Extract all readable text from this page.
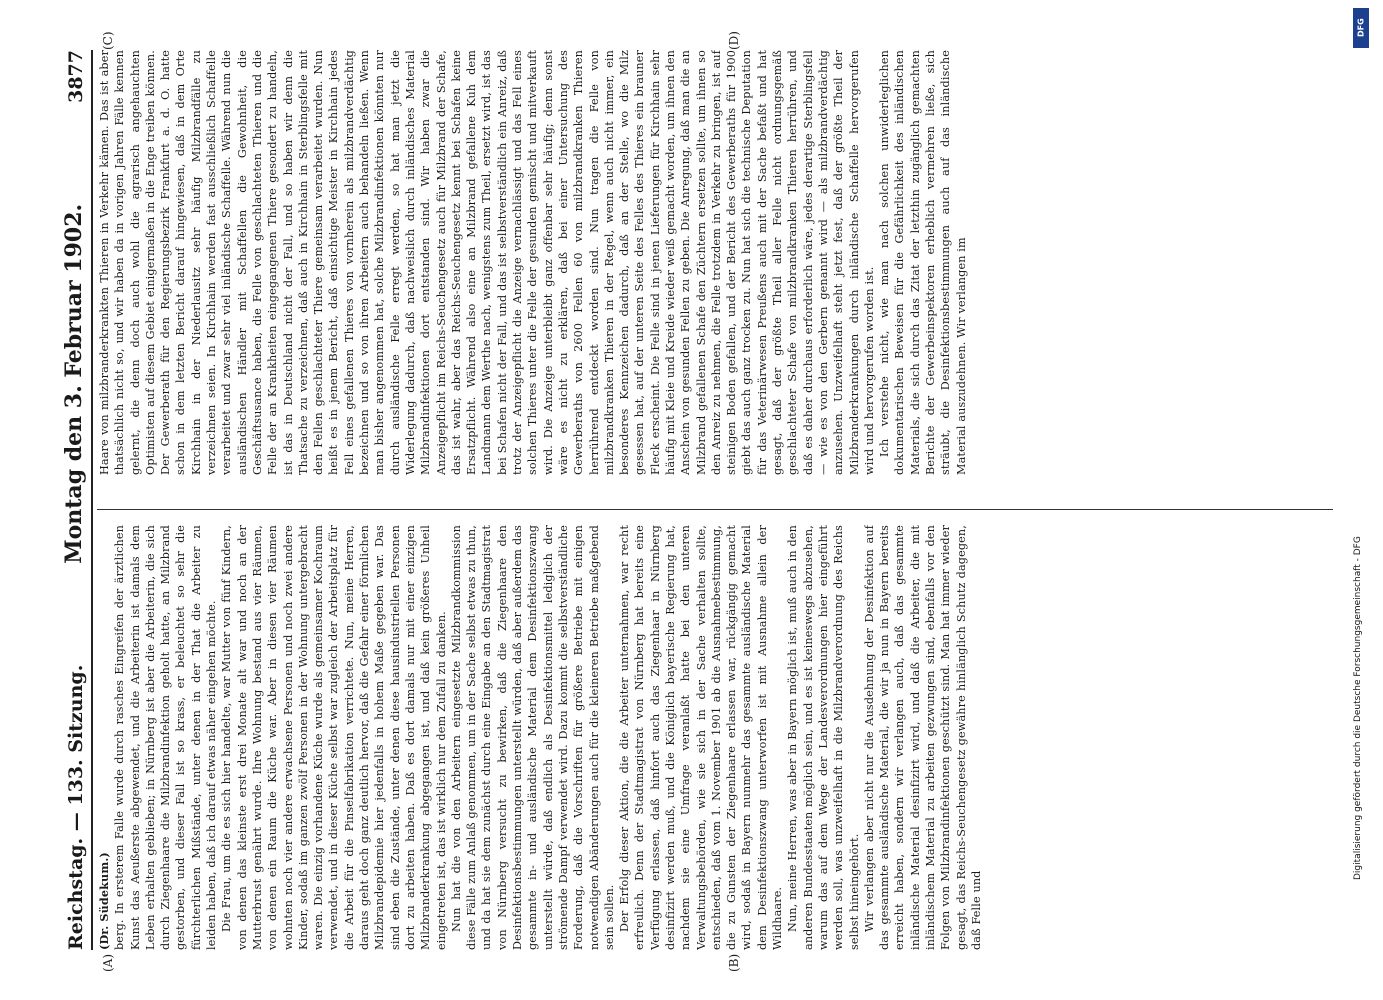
Reichstag. — 133. Sitzung.
Montag den 3. Februar 1902.
3877
(A)	(B)
(C)	(D)

(Dr. Südekum.) berg. In ersterem Falle wurde durch rasches Eingreifen der ärztlichen Kunst das Aeußerste abgewendet, und die Arbeiterin ist damals dem Leben erhalten geblieben; in Nürnberg ist aber die Arbeiterin, die sich durch Ziegenhaare die Milzbrandinfektion geholt hatte, an Milzbrand gestorben, und dieser Fall ist so krass, er beleuchtet so sehr die fürchterlichen Mißstände, unter denen in der That die Arbeiter zu leiden haben, daß ich darauf etwas näher eingehen möchte. Die Frau, um die es sich hier handelte, war Mutter von fünf Kindern, von denen das kleinste erst drei Monate alt war und noch an der Mutterbrust genährt wurde. Ihre Wohnung bestand aus vier Räumen, von denen ein Raum die Küche war. Aber in diesen vier Räumen wohnten noch vier andere erwachsene Personen und noch zwei andere Kinder, sodaß im ganzen zwölf Personen in der Wohnung untergebracht waren. Die einzig vorhandene Küche wurde als gemeinsamer Kochraum verwendet, und in dieser Küche selbst war zugleich der Arbeitsplatz für die Arbeit für die Pinselfabrikation verrichtete. Nun, meine Herren, daraus geht doch ganz deutlich hervor, daß die Gefahr einer förmlichen Milzbrandepidemie hier jedenfalls in hohem Maße gegeben war. Das sind eben die Zustände, unter denen diese hausindustriellen Personen dort zu arbeiten haben. Daß es dort damals nur mit einer einzigen Milzbranderkrankung abgegangen ist, und daß kein größeres Unheil eingetreten ist, das ist wirklich nur dem Zufall zu danken. Nun hat die von den Arbeitern eingesetzte Milzbrandkommission diese Fälle zum Anlaß genommen, um in der Sache selbst etwas zu thun, und da hat sie dem zunächst durch eine Eingabe an den Stadtmagistrat von Nürnberg versucht zu bewirken, daß die Ziegenhaare den Desinfektionsbestimmungen unterstellt würden, daß aber außerdem das gesammte in- und ausländische Material dem Desinfektionszwang unterstellt würde, daß endlich als Desinfektionsmittel lediglich der strömende Dampf verwendet wird. Dazu kommt die selbstverständliche Forderung, daß die Vorschriften für größere Betriebe mit einigen notwendigen Abänderungen auch für die kleineren Betriebe maßgebend sein sollen. Der Erfolg dieser Aktion, die die Arbeiter unternahmen, war recht erfreulich. Denn der Stadtmagistrat von Nürnberg hat bereits eine Verfügung erlassen, daß hinfort auch das Ziegenhaar in Nürnberg desinfizirt werden muß, und die Königlich bayerische Regierung hat, nachdem sie eine Umfrage veranlaßt hatte bei den unteren Verwaltungsbehörden, wie sie sich in der Sache verhalten sollte, entschieden, daß vom 1. November 1901 ab die Ausnahmebestimmung, die zu Gunsten der Ziegenhaare erlassen war, rückgängig gemacht wird, sodaß in Bayern nunmehr das gesammte ausländische Material dem Desinfektionszwang unterworfen ist mit Ausnahme allein der Wildhaare. Nun, meine Herren, was aber in Bayern möglich ist, muß auch in den anderen Bundesstaaten möglich sein, und es ist keineswegs abzusehen, warum das auf dem Wege der Landesverordnungen hier eingeführt werden soll, was unzweifelhaft in die Milzbrandverordnung des Reichs selbst hineingehört. Wir verlangen aber nicht nur die Ausdehnung der Desinfektion auf das gesammte ausländische Material, die wir ja nun in Bayern bereits erreicht haben, sondern wir verlangen auch, daß das gesammte inländische Material desinfizirt wird, und daß die Arbeiter, die mit inländischem Material zu arbeiten gezwungen sind, ebenfalls vor den Folgen von Milzbrandinfektionen geschützt sind. Man hat immer wieder gesagt, das Reichs-Seuchengesetz gewähre hinlänglich Schutz dagegen, daß Felle und

Haare von milzbranderkrankten Thieren in Verkehr kämen. Das ist aber thatsächlich nicht so, und wir haben da in vorigen Jahren Fälle kennen gelernt, die denn doch auch wohl die agrarisch angehauchten Optimisten auf diesem Gebiet einigermaßen in die Enge treiben können. Der Gewerberath für den Regierungsbezirk Frankfurt a. d. O. hatte schon in dem letzten Bericht darauf hingewiesen, daß in dem Orte Kirchhain in der Niederlausitz sehr häufig Milzbrandfälle zu verzeichnen seien. In Kirchhain werden fast ausschließlich Schaffelle verarbeitet und zwar sehr viel inländische Schaffelle. Während nun die ausländischen Händler mit Schaffellen die Gewohnheit, die Geschäftsusance haben, die Felle von geschlachteten Thieren und die Felle der an Krankheiten eingegangenen Thiere gesondert zu handeln, ist das in Deutschland nicht der Fall, und so haben wir denn die Thatsache zu verzeichnen, daß auch in Kirchhain in Sterblingsfelle mit den Fellen geschlachteter Thiere gemeinsam verarbeitet wurden. Nun heißt es in jenem Bericht, daß einsichtige Meister in Kirchhain jedes Fell eines gefallenen Thieres von vornherein als milzbrandverdächtig bezeichnen und so von ihren Arbeitern auch behandeln ließen. Wenn man bisher angenommen hat, solche Milzbrandinfektionen könnten nur durch ausländische Felle erregt werden, so hat man jetzt die Widerlegung dadurch, daß nachweislich durch inländisches Material Milzbrandinfektionen dort entstanden sind. Wir haben zwar die Anzeigepflicht im Reichs-Seuchengesetz auch für Milzbrand der Schafe, das ist wahr, aber das Reichs-Seuchengesetz kennt bei Schafen keine Ersatzpflicht. Während also eine an Milzbrand gefallene Kuh dem Landmann dem Werthe nach, wenigstens zum Theil, ersetzt wird, ist das bei Schafen nicht der Fall, und das ist selbstverständlich ein Anreiz, daß trotz der Anzeigepflicht die Anzeige vernachlässigt und das Fell eines solchen Thieres unter die Felle der gesunden gemischt und mitverkauft wird. Die Anzeige unterbleibt ganz offenbar sehr häufig; denn sonst wäre es nicht zu erklären, daß bei einer Untersuchung des Gewerberaths von 2600 Fellen 60 von milzbrandkranken Thieren herrührend entdeckt worden sind. Nun tragen die Felle von milzbrandkranken Thieren in der Regel, wenn auch nicht immer, ein besonderes Kennzeichen dadurch, daß an der Stelle, wo die Milz gesessen hat, auf der unteren Seite des Felles des Thieres ein brauner Fleck erscheint. Die Felle sind in jenen Lieferungen für Kirchhain sehr häufig mit Kleie und Kreide wieder weiß gemacht worden, um ihnen den Anschein von gesunden Fellen zu geben. Die Anregung, daß man die an Milzbrand gefallenen Schafe den Züchtern ersetzen sollte, um ihnen so den Anreiz zu nehmen, die Felle trotzdem in Verkehr zu bringen, ist auf steinigen Boden gefallen, und der Bericht des Gewerberaths für 1900 giebt das auch ganz trocken zu. Nun hat sich die technische Deputation für das Veterinärwesen Preußens auch mit der Sache befaßt und hat gesagt, daß der größte Theil aller Felle nicht ordnungsgemäß geschlachteter Schafe von milzbrandkranken Thieren herrühren, und daß es daher durchaus erforderlich wäre, jedes derartige Sterblingsfell — wie es von den Gerbern genannt wird — als milzbrandverdächtig anzusehen. Unzweifelhaft steht jetzt fest, daß der größte Theil der Milzbranderkrankungen durch inländische Schaffelle hervorgerufen wird und hervorgerufen worden ist. Ich verstehe nicht, wie man nach solchen unwiderleglichen dokumentarischen Beweisen für die Gefährlichkeit des inländischen Materials, die sich durch das Zitat der letzthin zugänglich gemachten Berichte der Gewerbeinspektoren erheblich vermehren ließe, sich sträubt, die Desinfektionsbestimmungen auch auf das inländische Material auszudehnen. Wir verlangen im

DFG
Digitalisierung gefördert durch die Deutsche Forschungsgemeinschaft - DFG
